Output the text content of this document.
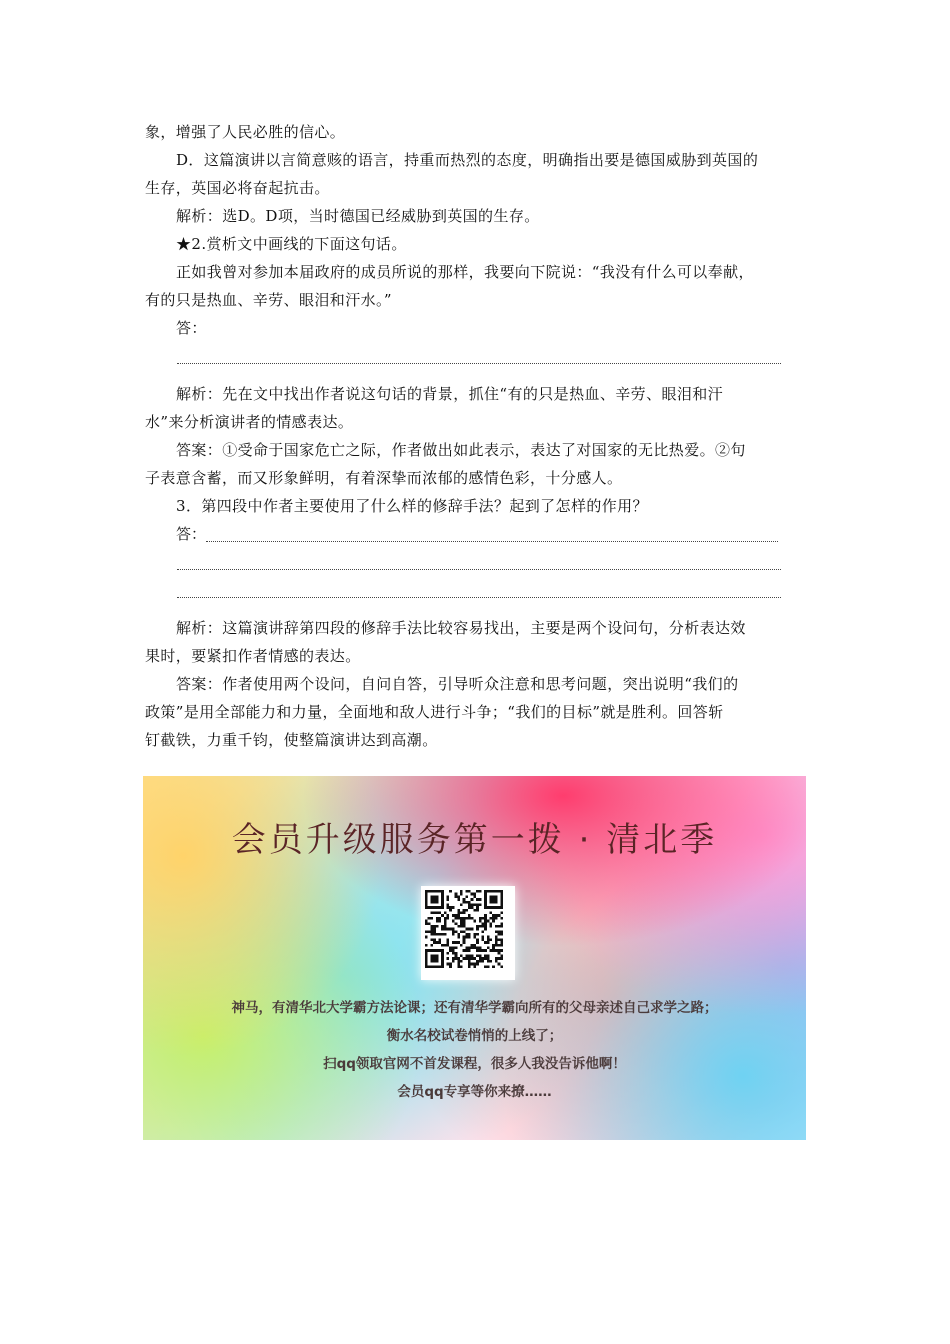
象，增强了人民必胜的信心。
D．这篇演讲以言简意赅的语言，持重而热烈的态度，明确指出要是德国威胁到英国的
生存，英国必将奋起抗击。
解析：选D。D项，当时德国已经威胁到英国的生存。
★2.赏析文中画线的下面这句话。
正如我曾对参加本届政府的成员所说的那样，我要向下院说：“我没有什么可以奉献，
有的只是热血、辛劳、眼泪和汗水。”
答：
解析：先在文中找出作者说这句话的背景，抓住“有的只是热血、辛劳、眼泪和汗
水”来分析演讲者的情感表达。
答案：①受命于国家危亡之际，作者做出如此表示，表达了对国家的无比热爱。②句
子表意含蓄，而又形象鲜明，有着深挚而浓郁的感情色彩，十分感人。
3．第四段中作者主要使用了什么样的修辞手法？起到了怎样的作用？
答：
解析：这篇演讲辞第四段的修辞手法比较容易找出，主要是两个设问句，分析表达效
果时，要紧扣作者情感的表达。
答案：作者使用两个设问，自问自答，引导听众注意和思考问题，突出说明“我们的
政策”是用全部能力和力量，全面地和敌人进行斗争；“我们的目标”就是胜利。回答斩
钉截铁，力重千钧，使整篇演讲达到高潮。
会员升级服务第一拨 · 清北季
神马，有清华北大学霸方法论课；还有清华学霸向所有的父母亲述自己求学之路；
衡水名校试卷悄悄的上线了；
扫qq领取官网不首发课程，很多人我没告诉他啊！
会员qq专享等你来撩……
